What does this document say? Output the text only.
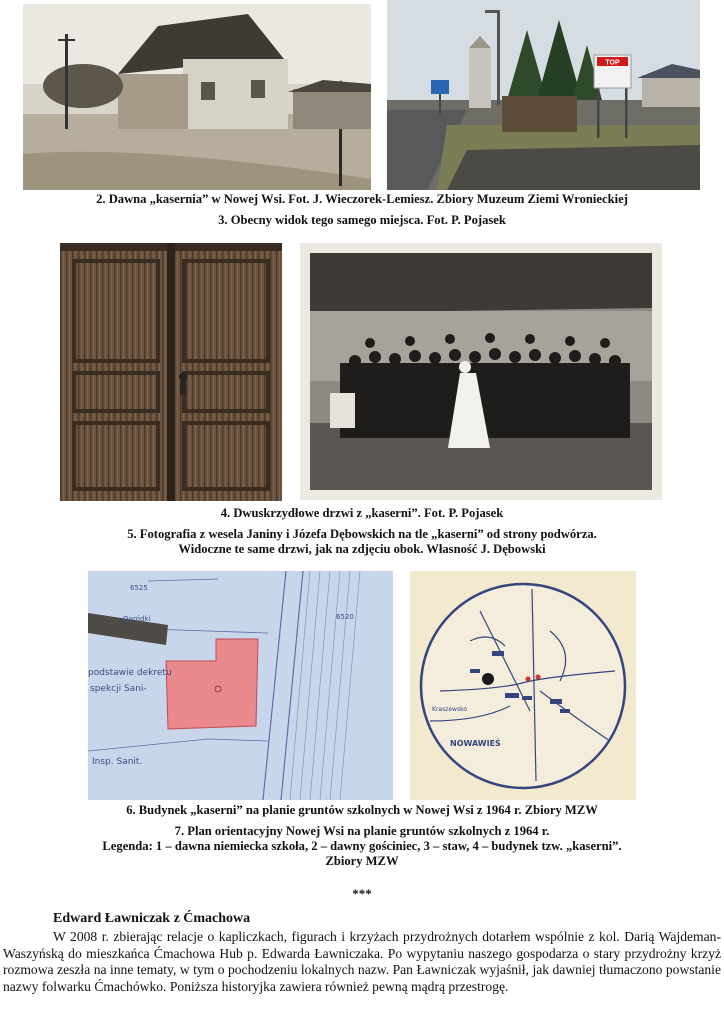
TOP
2. Dawna „kasernia” w Nowej Wsi. Fot. J. Wieczorek-Lemiesz. Zbiory Muzeum Ziemi Wronieckiej
3. Obecny widok tego samego miejsca. Fot. P. Pojasek
4. Dwuskrzydłowe drzwi z „kaserni”. Fot. P. Pojasek
5. Fotografia z wesela Janiny i Józefa Dębowskich na tle „kaserni” od strony podwórza.
Widoczne te same drzwi, jak na zdjęciu obok. Własność J. Dębowski
6525
Ogródki
podstawie dekretu
spekcji Sani-
Insp. Sanit.
6520
NOWAWIEŚ
Kraszewsko
6. Budynek „kaserni” na planie gruntów szkolnych w Nowej Wsi z 1964 r. Zbiory MZW
7. Plan orientacyjny Nowej Wsi na planie gruntów szkolnych z 1964 r.
Legenda: 1 – dawna niemiecka szkoła, 2 – dawny gościniec, 3 – staw, 4 – budynek tzw. „kaserni”.
Zbiory MZW
***
Edward Ławniczak z Ćmachowa

W 2008 r. zbierając relacje o kapliczkach, figurach i krzyżach przydrożnych dotarłem wspólnie z kol. Darią Wajdeman-Waszyńską do mieszkańca Ćmachowa Hub p. Edwarda Ławniczaka. Po wypytaniu naszego gospodarza o stary przydrożny krzyż rozmowa zeszła na inne tematy, w tym o pochodzeniu lokalnych nazw. Pan Ławniczak wyjaśnił, jak dawniej tłumaczono powstanie nazwy folwarku Ćmachówko. Poniższa historyjka zawiera również pewną mądrą przestrogę.
